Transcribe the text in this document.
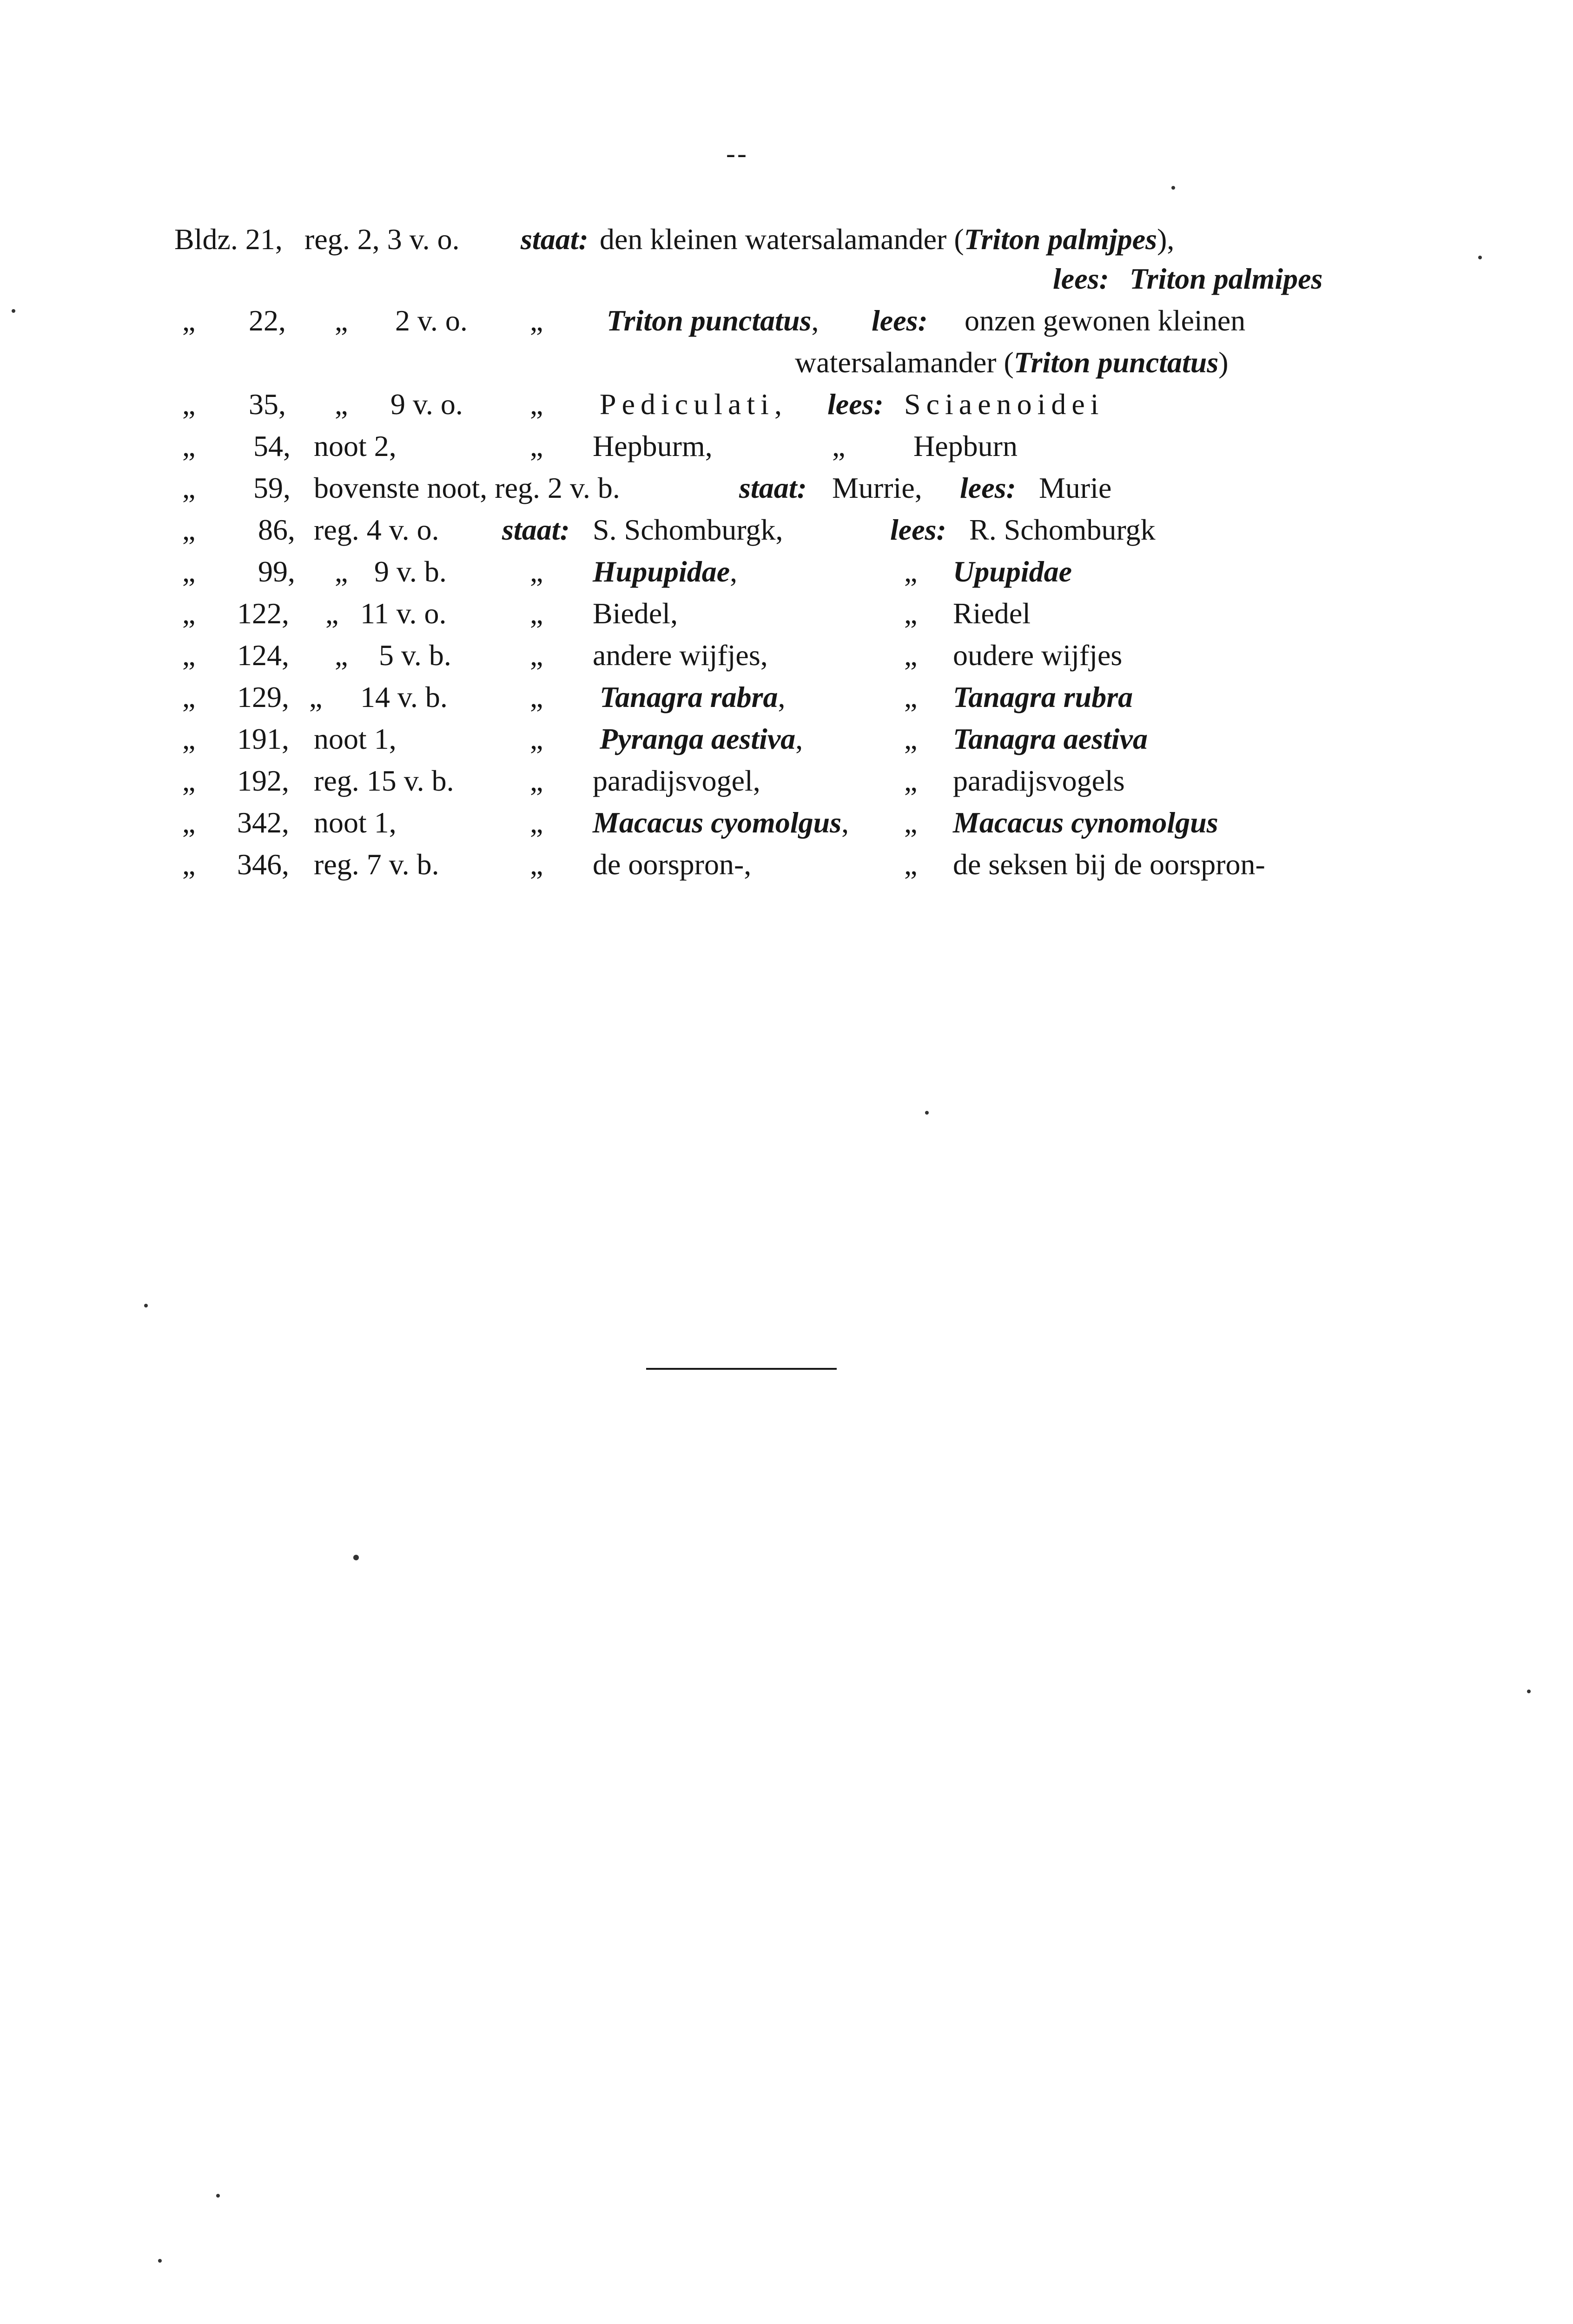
--
Bldz. 21, reg. 2, 3 v. o. staat: den kleinen watersalamander (Triton palmjpes),
lees: Triton palmipes
„ 22, „ 2 v. o. „ Triton punctatus, lees: onzen gewonen kleinen
watersalamander (Triton punctatus)
„ 35, „ 9 v. o. „ Pediculati, lees: Sciaenoidei
„ 54, noot 2,	„ Hepburm,	„ Hepburn
„ 59, bovenste noot, reg. 2 v. b.	staat: Murrie, lees: Murie
„ 86, reg. 4 v. o. staat: S. Schomburgk,	lees: R. Schomburgk
„ 99, „ 9 v. b.	„ Hupupidae,	„ Upupidae
„ 122, „ 11 v. o.	„ Biedel,	„ Riedel
„ 124, „ 5 v. b.	„ andere wijfjes,	„ oudere wijfjes
„ 129, „ 14 v. b.	„ Tanagra rabra,	„ Tanagra rubra
„ 191, noot 1,	„ Pyranga aestiva,	„ Tanagra aestiva
„ 192, reg. 15 v. b.	„ paradijsvogel,	„ paradijsvogels
„ 342, noot 1,	„ Macacus cyomolgus, „ Macacus cynomolgus
„ 346, reg. 7 v. b.	„ de oorspron-,	„ de seksen bij de oorspron-
